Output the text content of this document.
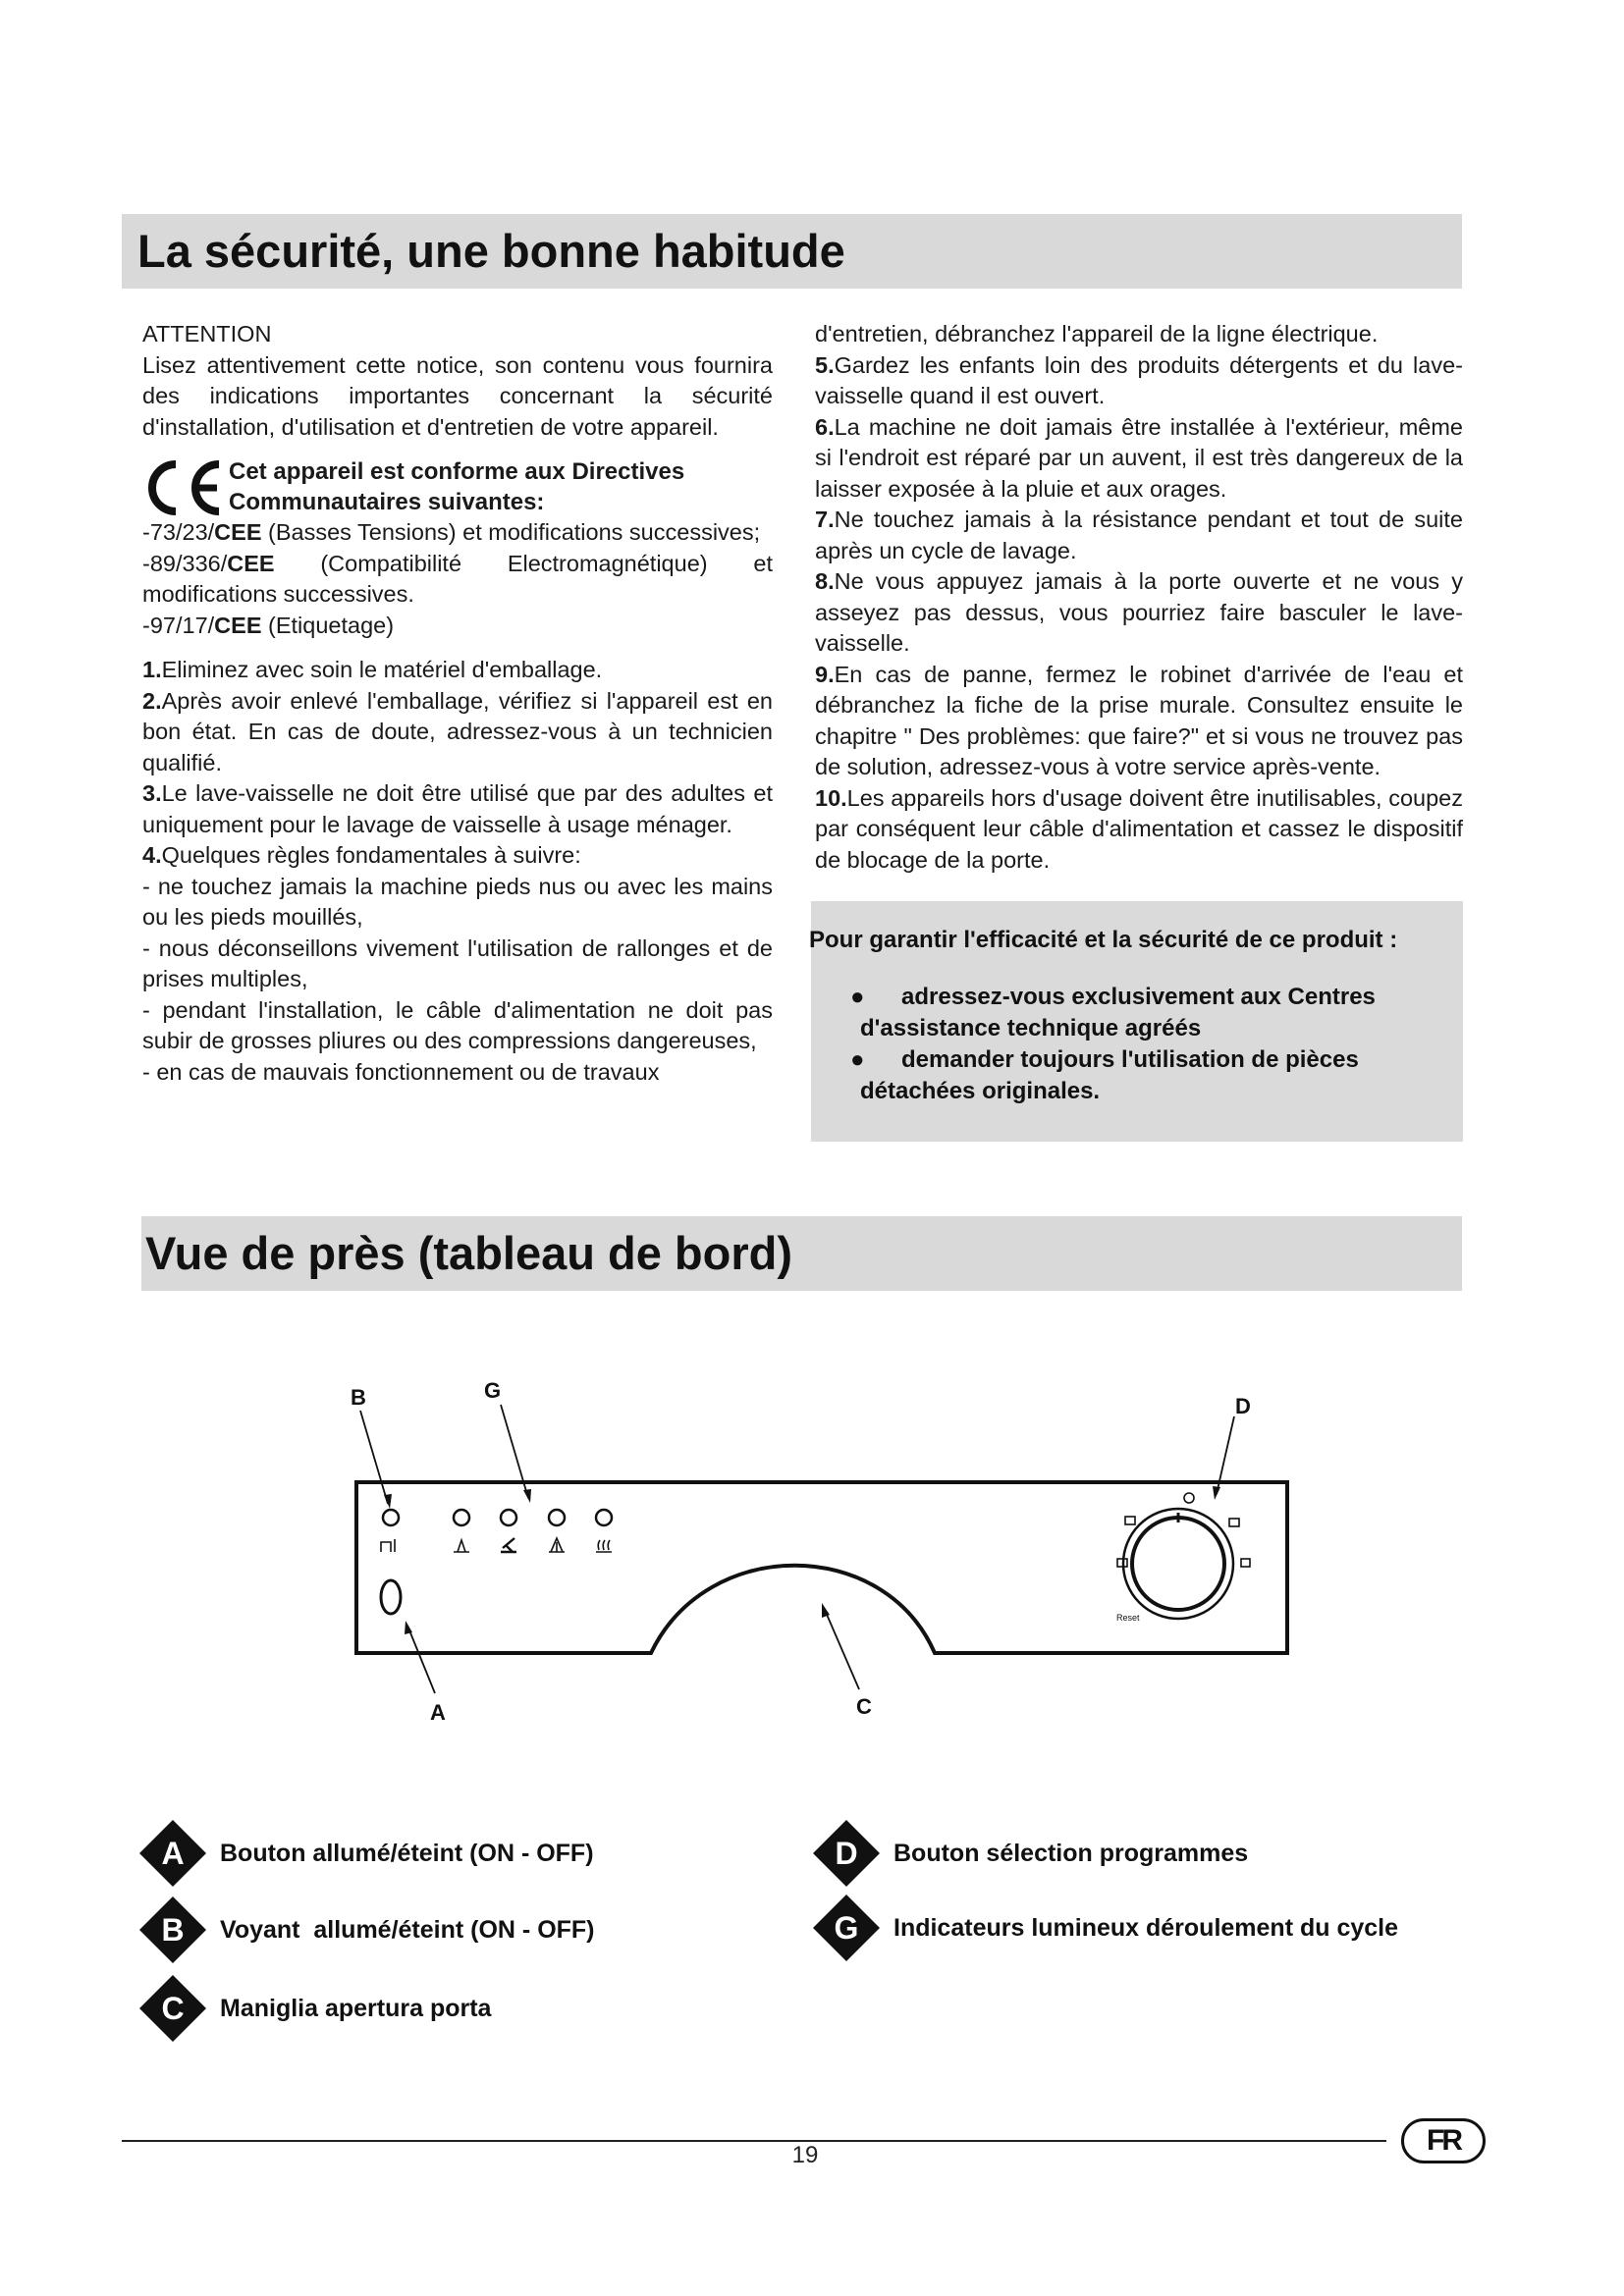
La sécurité, une bonne habitude

ATTENTION

Lisez attentivement cette notice, son contenu vous fournira des indications importantes concernant la sécurité d'installation, d'utilisation et d'entretien de votre appareil.

Cet appareil est conforme aux Directives Communautaires suivantes:

-73/23/CEE (Basses Tensions) et modifications successives;

-89/336/CEE (Compatibilité Electromagnétique) et modifications successives.

-97/17/CEE (Etiquetage)

1.Eliminez avec soin le matériel d'emballage.

2.Après avoir enlevé l'emballage, vérifiez si l'appareil est en bon état. En cas de doute, adressez-vous à un technicien qualifié.

3.Le lave-vaisselle ne doit être utilisé que par des adultes et uniquement pour le lavage de vaisselle à usage ménager.

4.Quelques règles fondamentales à suivre:

- ne touchez jamais la machine pieds nus ou avec les mains ou les pieds mouillés,

- nous déconseillons vivement l'utilisation de rallonges et de prises multiples,

- pendant l'installation, le câble d'alimentation ne doit pas subir de grosses pliures ou des compressions dangereuses,

- en cas de mauvais fonctionnement ou de travaux

d'entretien, débranchez l'appareil de la ligne électrique.

5.Gardez les enfants loin des produits détergents et du lave-vaisselle quand il est ouvert.

6.La machine ne doit jamais être installée à l'extérieur, même si l'endroit est réparé par un auvent, il est très dangereux de la laisser exposée à la pluie et aux orages.

7.Ne touchez jamais à la résistance pendant et tout de suite après un cycle de lavage.

8.Ne vous appuyez jamais à la porte ouverte et ne vous y asseyez pas dessus, vous pourriez faire basculer le lave-vaisselle.

9.En cas de panne, fermez le robinet d'arrivée de l'eau et débranchez la fiche de la prise murale. Consultez ensuite le chapitre " Des problèmes: que faire?" et si vous ne trouvez pas de solution, adressez-vous à votre service après-vente.

10.Les appareils hors d'usage doivent être inutilisables, coupez par conséquent leur câble d'alimentation et cassez le dispositif de blocage de la porte.

Pour garantir l'efficacité et la sécurité de ce produit :
●	adressez-vous exclusivement aux Centres d'assistance technique agréés
●	demander toujours l'utilisation de pièces détachées originales.
Vue de près (tableau de bord)
Reset
B	G
D
A	C
A Bouton allumé/éteint (ON - OFF)
B Voyant  allumé/éteint (ON - OFF)
C Maniglia apertura porta
D Bouton sélection programmes
G Indicateurs lumineux déroulement du cycle
19	FR
